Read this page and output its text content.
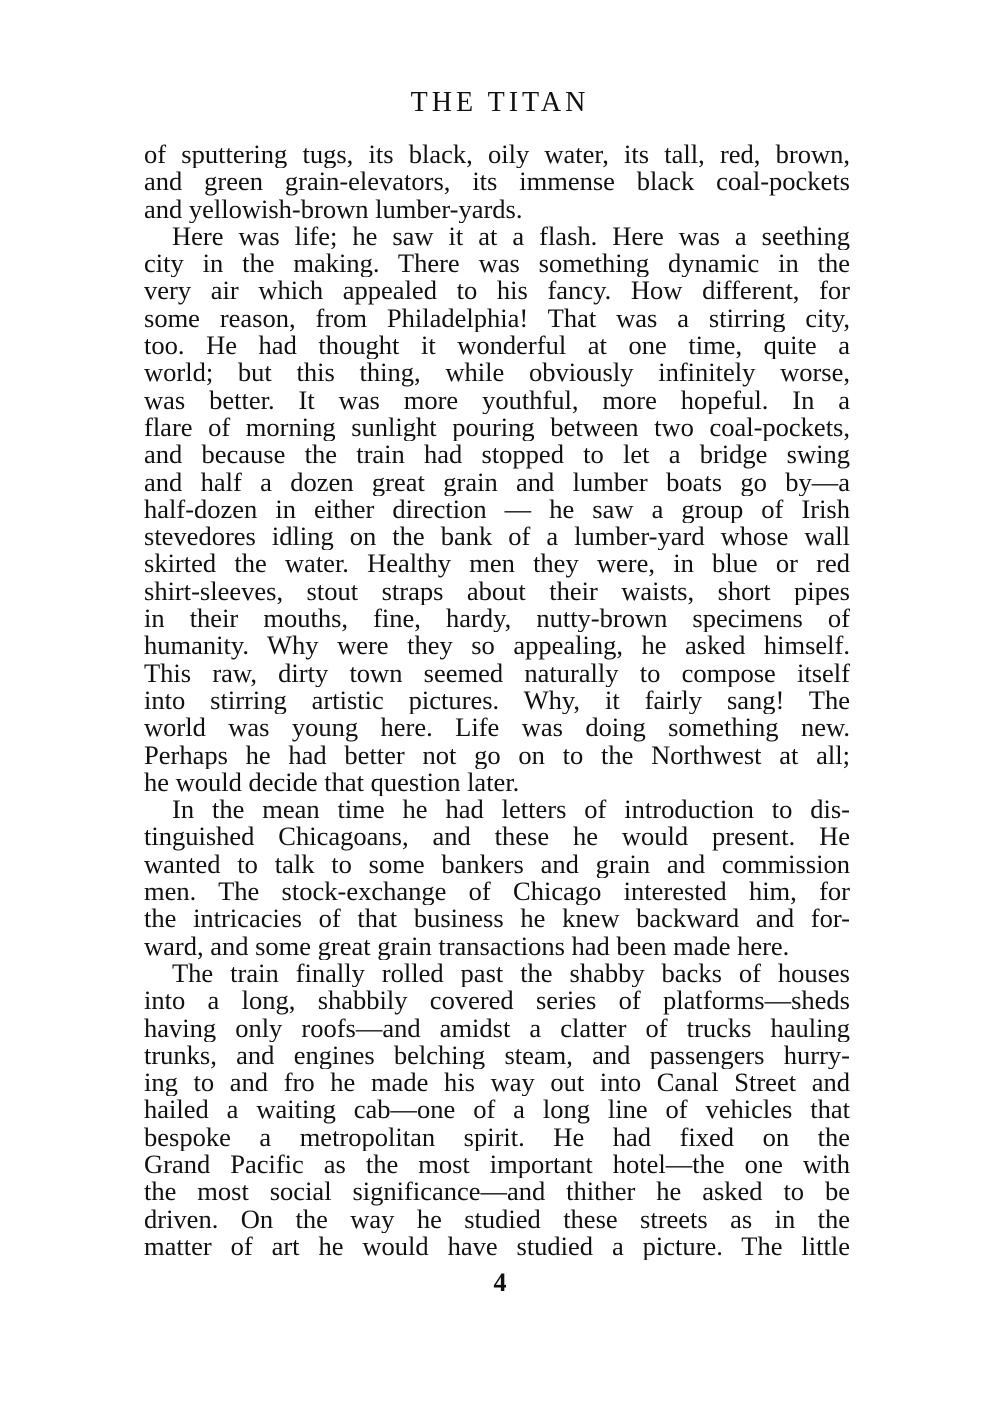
THE TITAN
of sputtering tugs, its black, oily water, its tall, red, brown,
and green grain-elevators, its immense black coal-pockets
and yellowish-brown lumber-yards.
Here was life; he saw it at a flash. Here was a seething
city in the making. There was something dynamic in the
very air which appealed to his fancy. How different, for
some reason, from Philadelphia! That was a stirring city,
too. He had thought it wonderful at one time, quite a
world; but this thing, while obviously infinitely worse,
was better. It was more youthful, more hopeful. In a
flare of morning sunlight pouring between two coal-pockets,
and because the train had stopped to let a bridge swing
and half a dozen great grain and lumber boats go by—a
half-dozen in either direction — he saw a group of Irish
stevedores idling on the bank of a lumber-yard whose wall
skirted the water. Healthy men they were, in blue or red
shirt-sleeves, stout straps about their waists, short pipes
in their mouths, fine, hardy, nutty-brown specimens of
humanity. Why were they so appealing, he asked himself.
This raw, dirty town seemed naturally to compose itself
into stirring artistic pictures. Why, it fairly sang! The
world was young here. Life was doing something new.
Perhaps he had better not go on to the Northwest at all;
he would decide that question later.
In the mean time he had letters of introduction to dis-
tinguished Chicagoans, and these he would present. He
wanted to talk to some bankers and grain and commission
men. The stock-exchange of Chicago interested him, for
the intricacies of that business he knew backward and for-
ward, and some great grain transactions had been made here.
The train finally rolled past the shabby backs of houses
into a long, shabbily covered series of platforms—sheds
having only roofs—and amidst a clatter of trucks hauling
trunks, and engines belching steam, and passengers hurry-
ing to and fro he made his way out into Canal Street and
hailed a waiting cab—one of a long line of vehicles that
bespoke a metropolitan spirit. He had fixed on the
Grand Pacific as the most important hotel—the one with
the most social significance—and thither he asked to be
driven. On the way he studied these streets as in the
matter of art he would have studied a picture. The little
4
